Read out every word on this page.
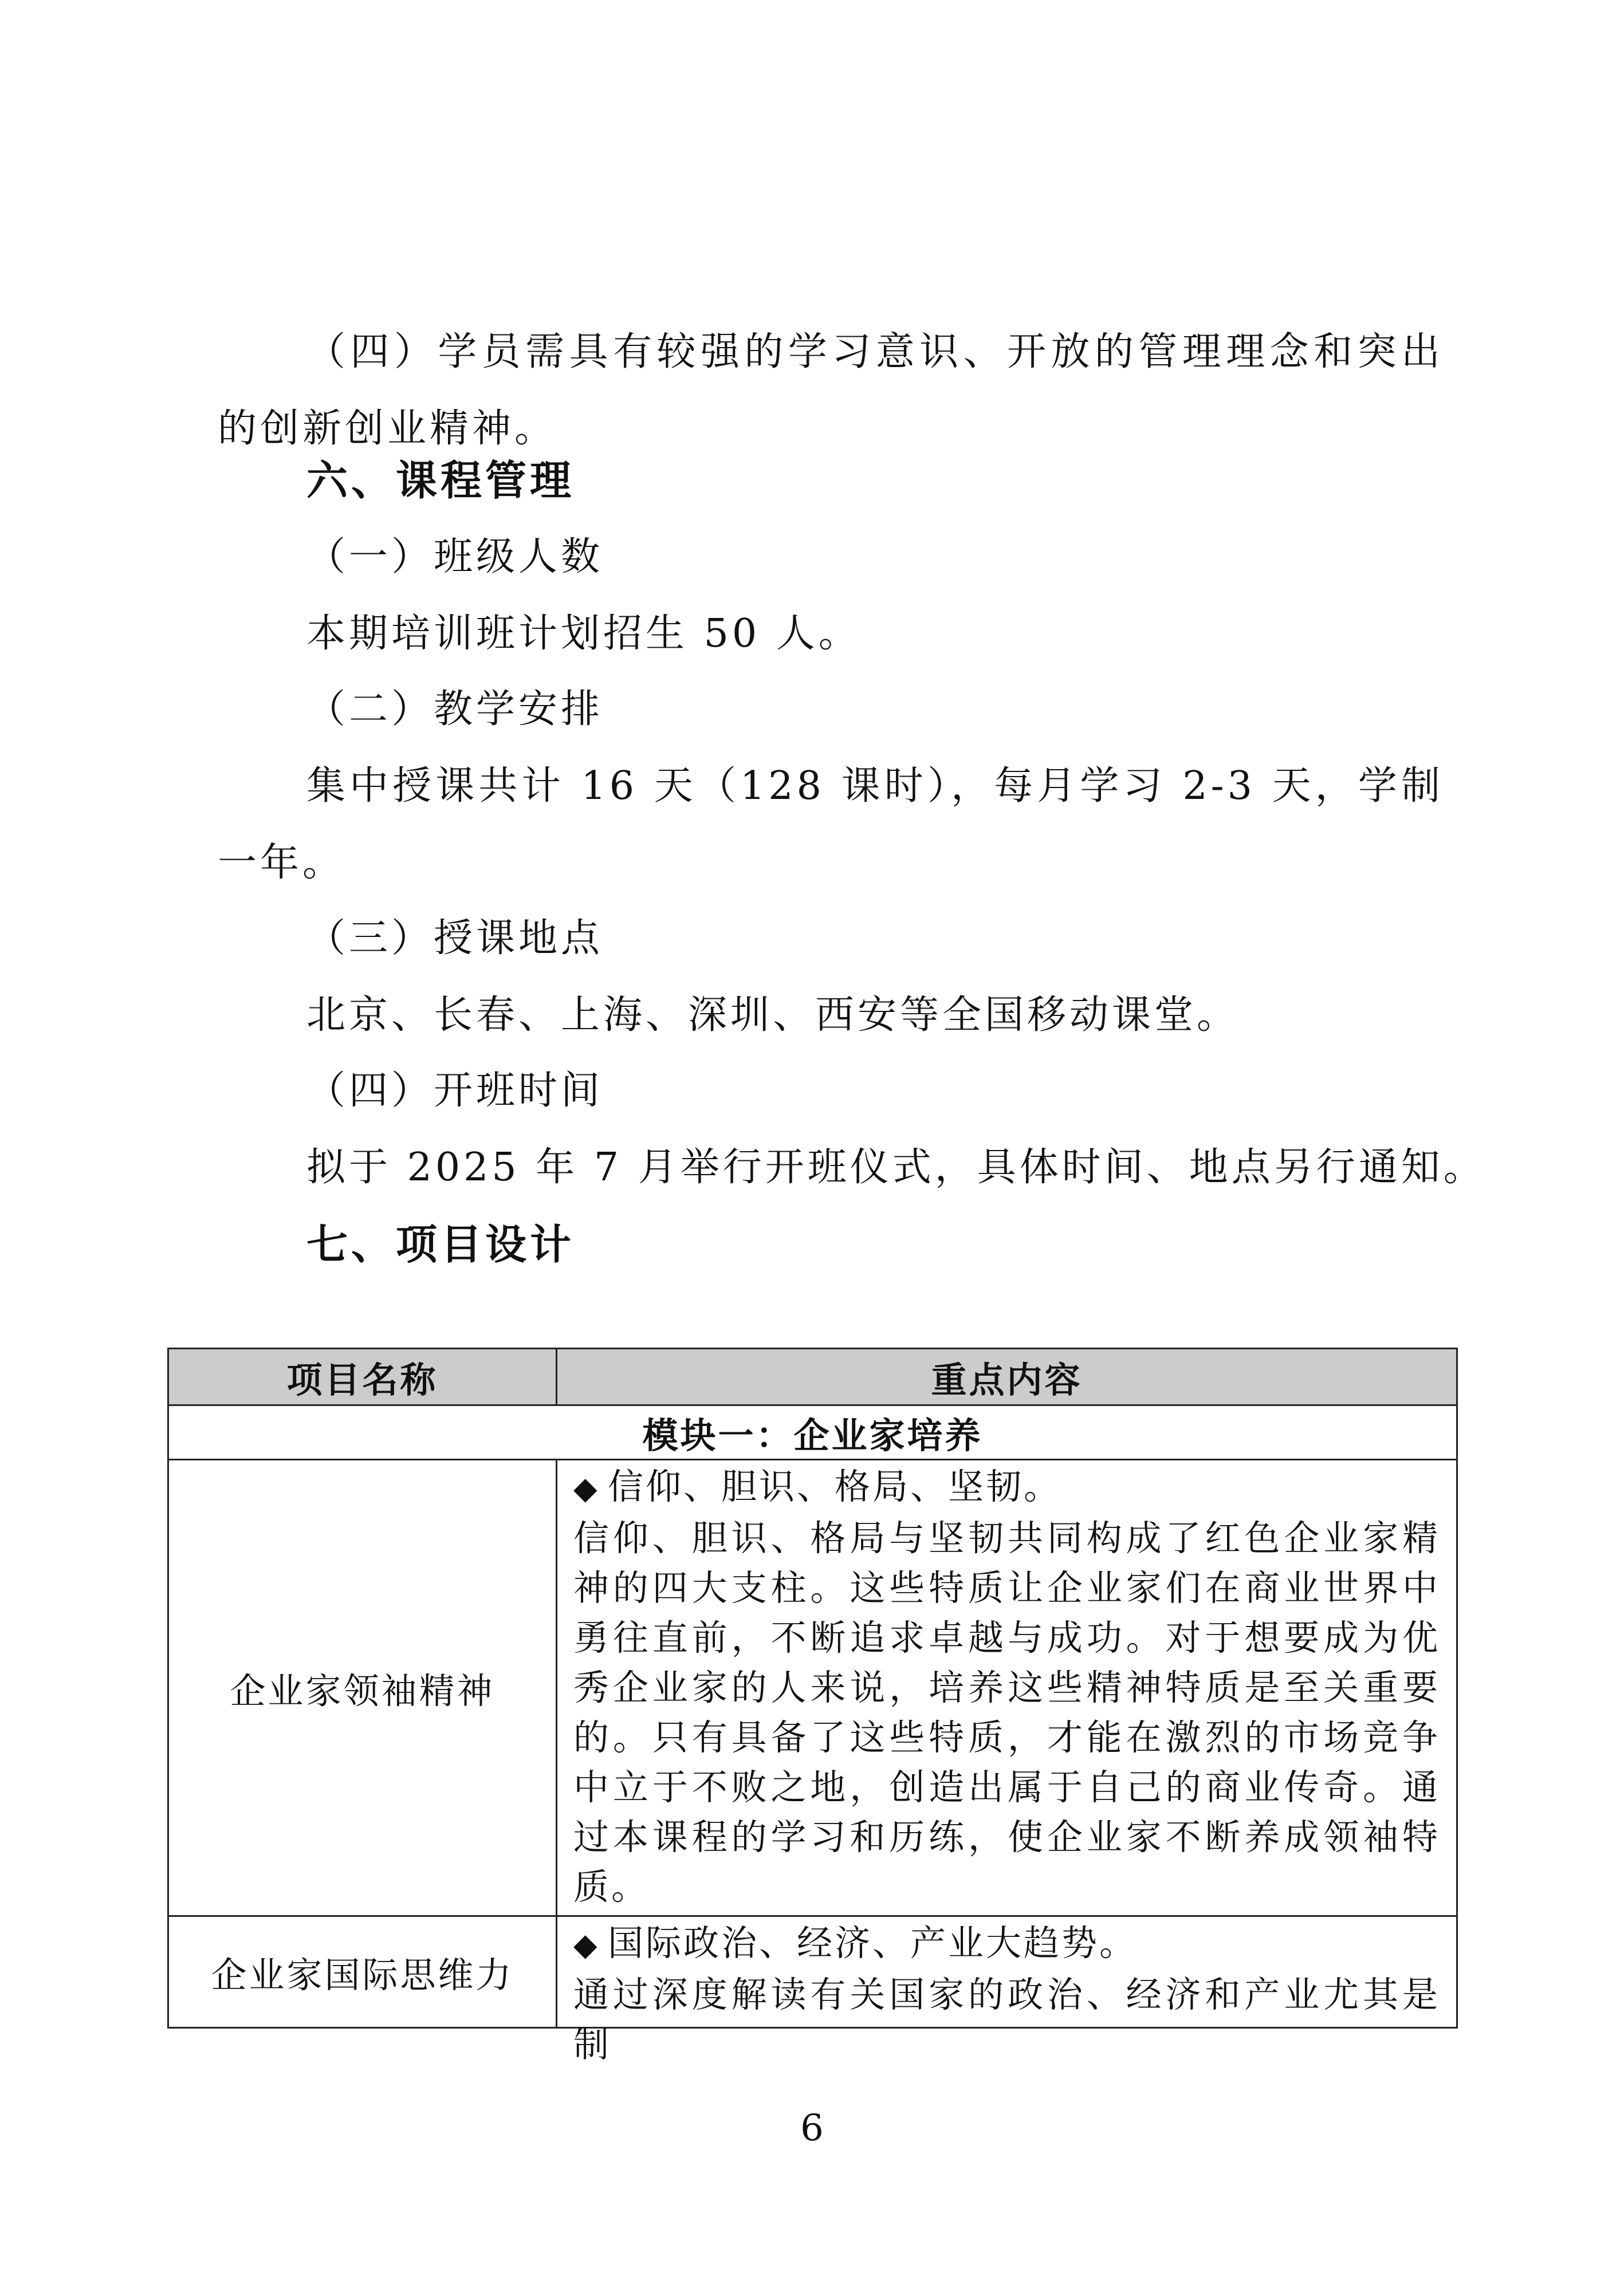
（四）学员需具有较强的学习意识、开放的管理理念和突出的创新创业精神。

六、课程管理

（一）班级人数

本期培训班计划招生 50 人。

（二）教学安排

集中授课共计 16 天（128 课时），每月学习 2-3 天，学制一年。

（三）授课地点

北京、长春、上海、深圳、西安等全国移动课堂。

（四）开班时间

拟于 2025 年 7 月举行开班仪式，具体时间、地点另行通知。

七、项目设计

项目名称	重点内容
模块一：企业家培养	
企业家领袖精神	◆ 信仰、胆识、格局、坚韧。
信仰、胆识、格局与坚韧共同构成了红色企业家精神的四大支柱。这些特质让企业家们在商业世界中勇往直前，不断追求卓越与成功。对于想要成为优秀企业家的人来说，培养这些精神特质是至关重要的。只有具备了这些特质，才能在激烈的市场竞争中立于不败之地，创造出属于自己的商业传奇。通过本课程的学习和历练，使企业家不断养成领袖特质。

企业家国际思维力	◆ 国际政治、经济、产业大趋势。
通过深度解读有关国家的政治、经济和产业尤其是制

6
